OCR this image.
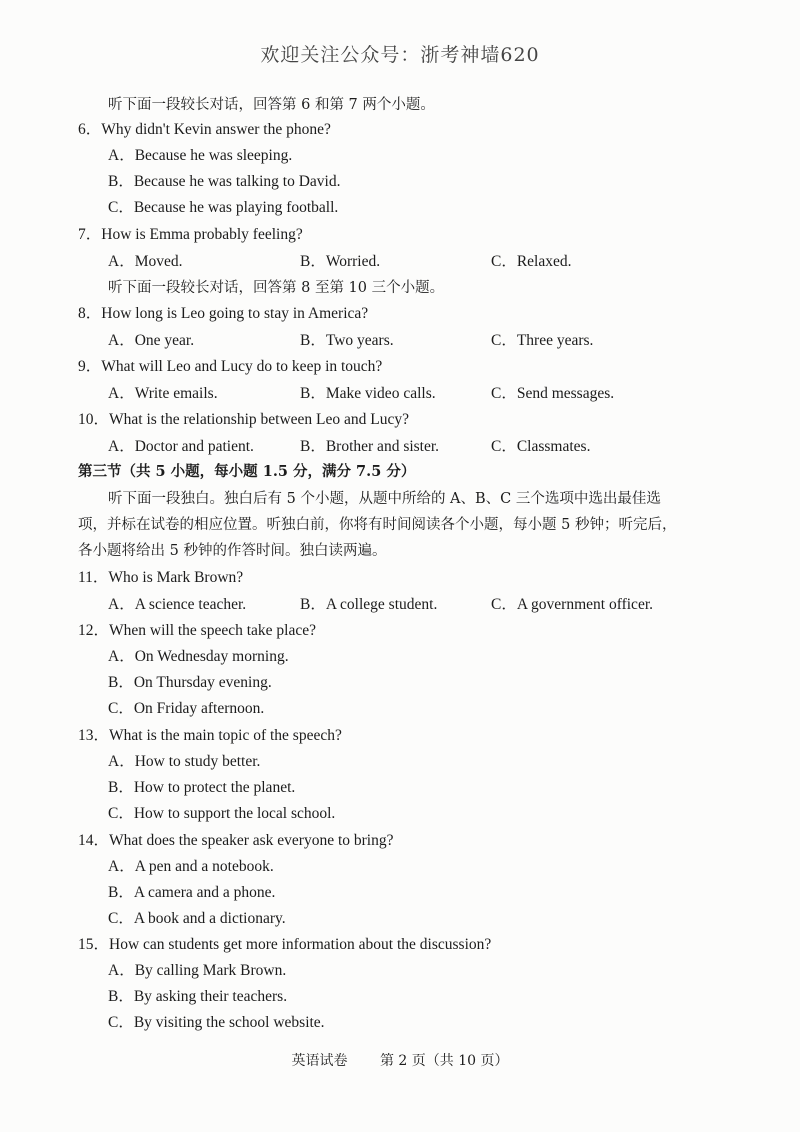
欢迎关注公众号：浙考神墙620
听下面一段较长对话，回答第 6 和第 7 两个小题。
6．Why didn't Kevin answer the phone?
A．Because he was sleeping.
B．Because he was talking to David.
C．Because he was playing football.
7．How is Emma probably feeling?
A．Moved.	B．Worried.	C．Relaxed.
听下面一段较长对话，回答第 8 至第 10 三个小题。
8．How long is Leo going to stay in America?
A．One year.	B．Two years.	C．Three years.
9．What will Leo and Lucy do to keep in touch?
A．Write emails.	B．Make video calls.	C．Send messages.
10．What is the relationship between Leo and Lucy?
A．Doctor and patient.	B．Brother and sister.	C．Classmates.
第三节（共 5 小题，每小题 1.5 分，满分 7.5 分）
听下面一段独白。独白后有 5 个小题，从题中所给的 A、B、C 三个选项中选出最佳选
项，并标在试卷的相应位置。听独白前，你将有时间阅读各个小题，每小题 5 秒钟；听完后，
各小题将给出 5 秒钟的作答时间。独白读两遍。
11．Who is Mark Brown?
A．A science teacher.	B．A college student.	C．A government officer.
12．When will the speech take place?
A．On Wednesday morning.
B．On Thursday evening.
C．On Friday afternoon.
13．What is the main topic of the speech?
A．How to study better.
B．How to protect the planet.
C．How to support the local school.
14．What does the speaker ask everyone to bring?
A．A pen and a notebook.
B．A camera and a phone.
C．A book and a dictionary.
15．How can students get more information about the discussion?
A．By calling Mark Brown.
B．By asking their teachers.
C．By visiting the school website.
英语试卷 第 2 页（共 10 页）
